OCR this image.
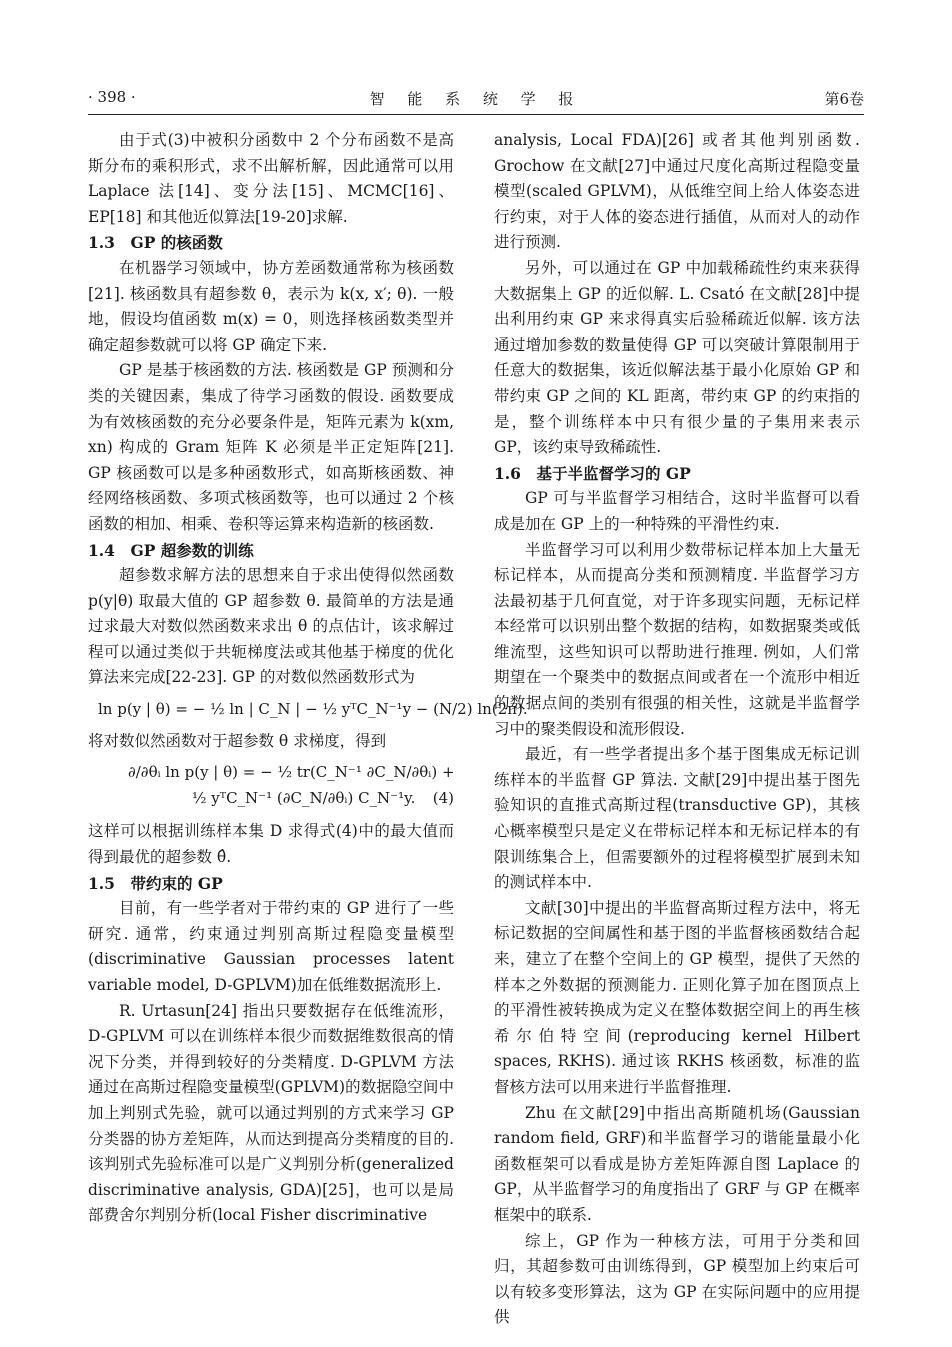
· 398 ·	智 能 系 统 学 报	第6卷

由于式(3)中被积分函数中 2 个分布函数不是高斯分布的乘积形式，求不出解析解，因此通常可以用 Laplace 法[14]、变分法[15]、MCMC[16]、EP[18] 和其他近似算法[19-20]求解.

1.3　GP 的核函数

在机器学习领域中，协方差函数通常称为核函数[21]. 核函数具有超参数 θ，表示为 k(x, x′; θ). 一般地，假设均值函数 m(x) = 0，则选择核函数类型并确定超参数就可以将 GP 确定下来.

GP 是基于核函数的方法. 核函数是 GP 预测和分类的关键因素，集成了待学习函数的假设. 函数要成为有效核函数的充分必要条件是，矩阵元素为 k(xm, xn) 构成的 Gram 矩阵 K 必须是半正定矩阵[21]. GP 核函数可以是多种函数形式，如高斯核函数、神经网络核函数、多项式核函数等，也可以通过 2 个核函数的相加、相乘、卷积等运算来构造新的核函数.

1.4　GP 超参数的训练

超参数求解方法的思想来自于求出使得似然函数 p(y|θ) 取最大值的 GP 超参数 θ. 最简单的方法是通过求最大对数似然函数来求出 θ 的点估计，该求解过程可以通过类似于共轭梯度法或其他基于梯度的优化算法来完成[22-23]. GP 的对数似然函数形式为

ln p(y | θ) = − ½ ln | C_N | − ½ yᵀC_N⁻¹y − (N/2) ln(2π).

将对数似然函数对于超参数 θ 求梯度，得到

∂/∂θᵢ ln p(y | θ) = − ½ tr(C_N⁻¹ ∂C_N/∂θᵢ) +

½ yᵀC_N⁻¹ (∂C_N/∂θᵢ) C_N⁻¹y. (4)

这样可以根据训练样本集 D 求得式(4)中的最大值而得到最优的超参数 θ̂.

1.5　带约束的 GP

目前，有一些学者对于带约束的 GP 进行了一些研究. 通常，约束通过判别高斯过程隐变量模型(discriminative Gaussian processes latent variable model, D-GPLVM)加在低维数据流形上.

R. Urtasun[24] 指出只要数据存在低维流形，D-GPLVM 可以在训练样本很少而数据维数很高的情况下分类，并得到较好的分类精度. D-GPLVM 方法通过在高斯过程隐变量模型(GPLVM)的数据隐空间中加上判别式先验，就可以通过判别的方式来学习 GP 分类器的协方差矩阵，从而达到提高分类精度的目的. 该判别式先验标准可以是广义判别分析(generalized discriminative analysis, GDA)[25]，也可以是局部费舍尔判别分析(local Fisher discriminative

analysis, Local FDA)[26] 或者其他判别函数. Grochow 在文献[27]中通过尺度化高斯过程隐变量模型(scaled GPLVM)，从低维空间上给人体姿态进行约束，对于人体的姿态进行插值，从而对人的动作进行预测.

另外，可以通过在 GP 中加载稀疏性约束来获得大数据集上 GP 的近似解. L. Csató 在文献[28]中提出利用约束 GP 来求得真实后验稀疏近似解. 该方法通过增加参数的数量使得 GP 可以突破计算限制用于任意大的数据集，该近似解法基于最小化原始 GP 和带约束 GP 之间的 KL 距离，带约束 GP 的约束指的是，整个训练样本中只有很少量的子集用来表示 GP，该约束导致稀疏性.

1.6　基于半监督学习的 GP

GP 可与半监督学习相结合，这时半监督可以看成是加在 GP 上的一种特殊的平滑性约束.

半监督学习可以利用少数带标记样本加上大量无标记样本，从而提高分类和预测精度. 半监督学习方法最初基于几何直觉，对于许多现实问题，无标记样本经常可以识别出整个数据的结构，如数据聚类或低维流型，这些知识可以帮助进行推理. 例如，人们常期望在一个聚类中的数据点间或者在一个流形中相近的数据点间的类别有很强的相关性，这就是半监督学习中的聚类假设和流形假设.

最近，有一些学者提出多个基于图集成无标记训练样本的半监督 GP 算法. 文献[29]中提出基于图先验知识的直推式高斯过程(transductive GP)，其核心概率模型只是定义在带标记样本和无标记样本的有限训练集合上，但需要额外的过程将模型扩展到未知的测试样本中.

文献[30]中提出的半监督高斯过程方法中，将无标记数据的空间属性和基于图的半监督核函数结合起来，建立了在整个空间上的 GP 模型，提供了天然的样本之外数据的预测能力. 正则化算子加在图顶点上的平滑性被转换成为定义在整体数据空间上的再生核希尔伯特空间(reproducing kernel Hilbert spaces, RKHS). 通过该 RKHS 核函数，标准的监督核方法可以用来进行半监督推理.

Zhu 在文献[29]中指出高斯随机场(Gaussian random field, GRF)和半监督学习的谐能量最小化函数框架可以看成是协方差矩阵源自图 Laplace 的 GP，从半监督学习的角度指出了 GRF 与 GP 在概率框架中的联系.

综上，GP 作为一种核方法，可用于分类和回归，其超参数可由训练得到，GP 模型加上约束后可以有较多变形算法，这为 GP 在实际问题中的应用提供
